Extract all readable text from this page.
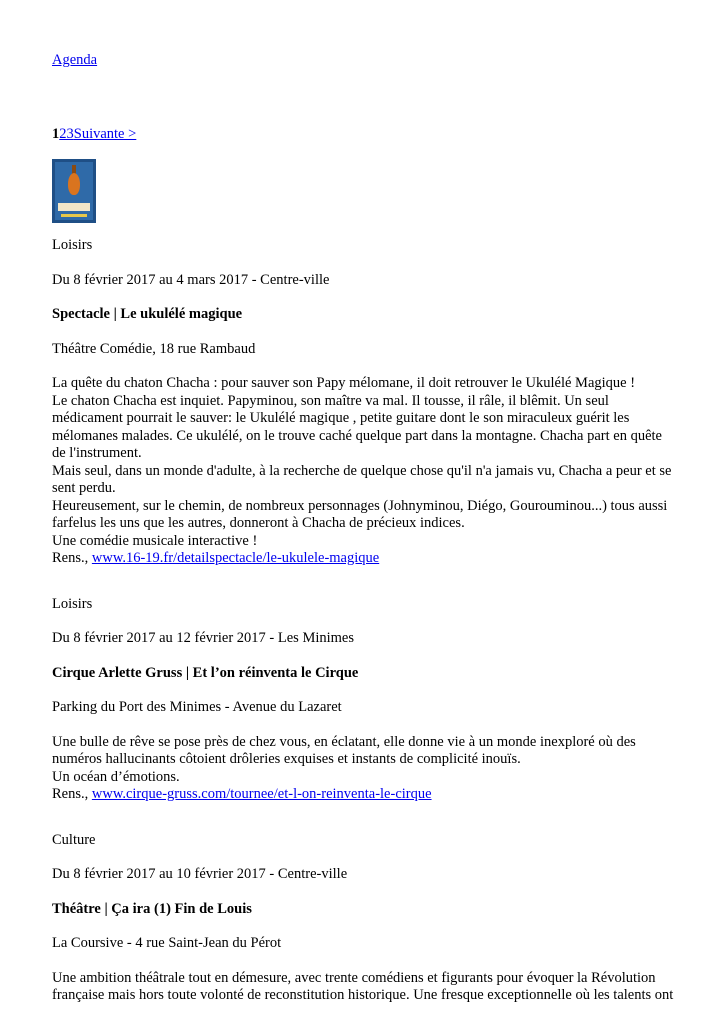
Agenda
123Suivante >

Loisirs

Du 8 février 2017 au 4 mars 2017 - Centre-ville

Spectacle | Le ukulélé magique

Théâtre Comédie, 18 rue Rambaud

La quête du chaton Chacha : pour sauver son Papy mélomane, il doit retrouver le Ukulélé Magique !

Le chaton Chacha est inquiet. Papyminou, son maître va mal. Il tousse, il râle, il blêmit. Un seul médicament pourrait le sauver: le Ukulélé magique , petite guitare dont le son miraculeux guérit les mélomanes malades. Ce ukulélé, on le trouve caché quelque part dans la montagne. Chacha part en quête de l'instrument.

Mais seul, dans un monde d'adulte, à la recherche de quelque chose qu'il n'a jamais vu, Chacha a peur et se sent perdu.

Heureusement, sur le chemin, de nombreux personnages (Johnyminou, Diégo, Gourouminou...) tous aussi farfelus les uns que les autres, donneront à Chacha de précieux indices.

Une comédie musicale interactive !

Rens., www.16-19.fr/detailspectacle/le-ukulele-magique

Loisirs

Du 8 février 2017 au 12 février 2017 - Les Minimes

Cirque Arlette Gruss | Et l’on réinventa le Cirque

Parking du Port des Minimes - Avenue du Lazaret

Une bulle de rêve se pose près de chez vous, en éclatant, elle donne vie à un monde inexploré où des numéros hallucinants côtoient drôleries exquises et instants de complicité inouïs.

Un océan d’émotions.

Rens., www.cirque-gruss.com/tournee/et-l-on-reinventa-le-cirque

Culture

Du 8 février 2017 au 10 février 2017 - Centre-ville

Théâtre | Ça ira (1) Fin de Louis

La Coursive - 4 rue Saint-Jean du Pérot

Une ambition théâtrale tout en démesure, avec trente comédiens et figurants pour évoquer la Révolution française mais hors toute volonté de reconstitution historique. Une fresque exceptionnelle où les talents ont
